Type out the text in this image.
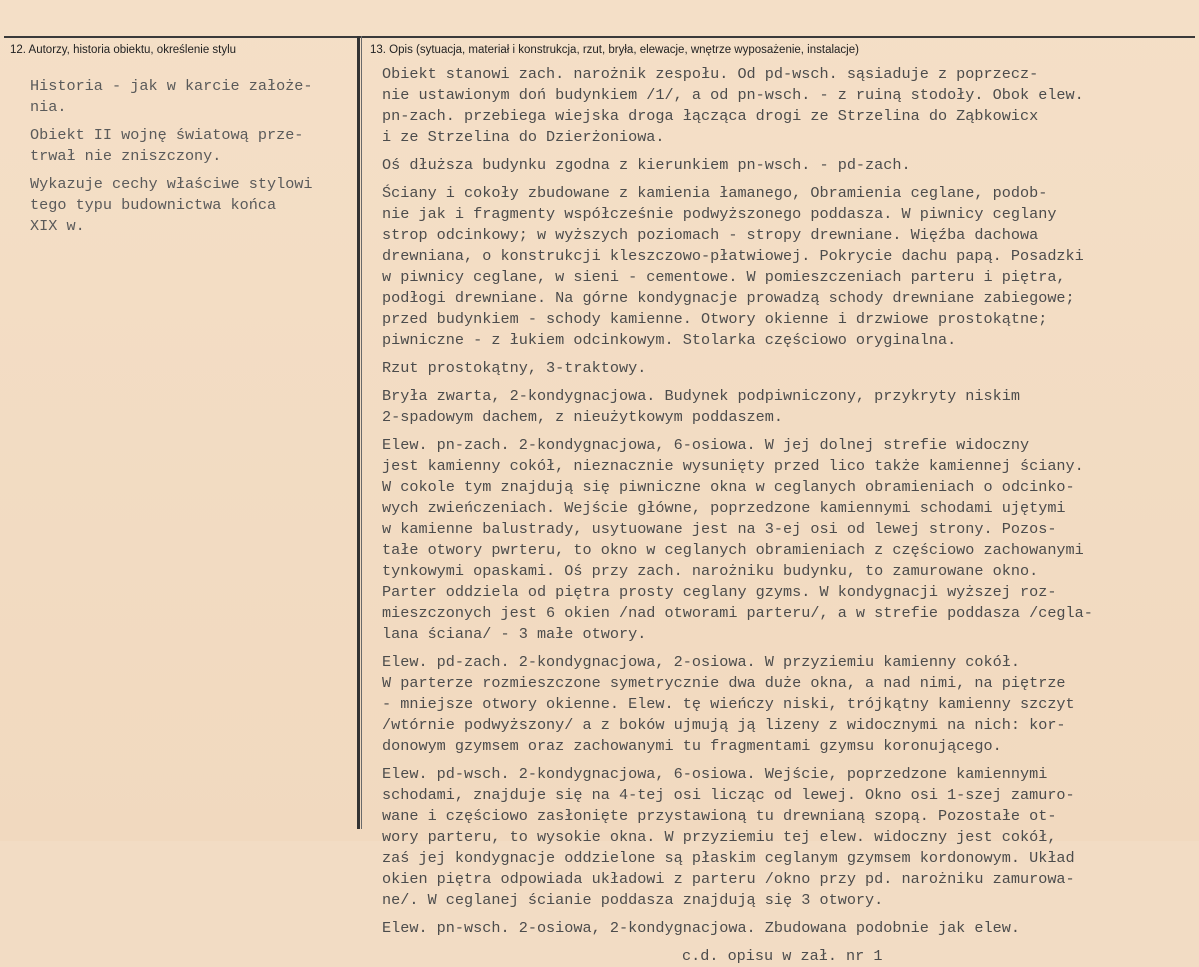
12. Autorzy, historia obiektu, określenie stylu	13. Opis (sytuacja, materiał i konstrukcja, rzut, bryła, elewacje, wnętrze wyposażenie, instalacje)

Historia - jak w karcie założe-
nia.

Obiekt II wojnę światową prze-
trwał nie zniszczony.

Wykazuje cechy właściwe stylowi
tego typu budownictwa końca
XIX w.

Obiekt stanowi zach. narożnik zespołu. Od pd-wsch. sąsiaduje z poprzecz-
nie ustawionym doń budynkiem /1/, a od pn-wsch. - z ruiną stodoły. Obok elew.
pn-zach. przebiega wiejska droga łącząca drogi ze Strzelina do Ząbkowicx
i ze Strzelina do Dzierżoniowa.
Oś dłuższa budynku zgodna z kierunkiem pn-wsch. - pd-zach.
Ściany i cokoły zbudowane z kamienia łamanego, Obramienia ceglane, podob-
nie jak i fragmenty współcześnie podwyższonego poddasza. W piwnicy ceglany
strop odcinkowy; w wyższych poziomach - stropy drewniane. Więźba dachowa
drewniana, o konstrukcji kleszczowo-płatwiowej. Pokrycie dachu papą. Posadzki
w piwnicy ceglane, w sieni - cementowe. W pomieszczeniach parteru i piętra,
podłogi drewniane. Na górne kondygnacje prowadzą schody drewniane zabiegowe;
przed budynkiem - schody kamienne. Otwory okienne i drzwiowe prostokątne;
piwniczne - z łukiem odcinkowym. Stolarka częściowo oryginalna.
Rzut prostokątny, 3-traktowy.
Bryła zwarta, 2-kondygnacjowa. Budynek podpiwniczony, przykryty niskim
2-spadowym dachem, z nieużytkowym poddaszem.
Elew. pn-zach. 2-kondygnacjowa, 6-osiowa. W jej dolnej strefie widoczny
jest kamienny cokół, nieznacznie wysunięty przed lico także kamiennej ściany.
W cokole tym znajdują się piwniczne okna w ceglanych obramieniach o odcinko-
wych zwieńczeniach. Wejście główne, poprzedzone kamiennymi schodami ujętymi
w kamienne balustrady, usytuowane jest na 3-ej osi od lewej strony. Pozos-
tałe otwory pwrteru, to okno w ceglanych obramieniach z częściowo zachowanymi
tynkowymi opaskami. Oś przy zach. narożniku budynku, to zamurowane okno.
Parter oddziela od piętra prosty ceglany gzyms. W kondygnacji wyższej roz-
mieszczonych jest 6 okien /nad otworami parteru/, a w strefie poddasza /cegla-
lana ściana/ - 3 małe otwory.
Elew. pd-zach. 2-kondygnacjowa, 2-osiowa. W przyziemiu kamienny cokół.
W parterze rozmieszczone symetrycznie dwa duże okna, a nad nimi, na piętrze
- mniejsze otwory okienne. Elew. tę wieńczy niski, trójkątny kamienny szczyt
/wtórnie podwyższony/ a z boków ujmują ją lizeny z widocznymi na nich: kor-
donowym gzymsem oraz zachowanymi tu fragmentami gzymsu koronującego.
Elew. pd-wsch. 2-kondygnacjowa, 6-osiowa. Wejście, poprzedzone kamiennymi
schodami, znajduje się na 4-tej osi licząc od lewej. Okno osi 1-szej zamuro-
wane i częściowo zasłonięte przystawioną tu drewnianą szopą. Pozostałe ot-
wory parteru, to wysokie okna. W przyziemiu tej elew. widoczny jest cokół,
zaś jej kondygnacje oddzielone są płaskim ceglanym gzymsem kordonowym. Układ
okien piętra odpowiada układowi z parteru /okno przy pd. narożniku zamurowa-
ne/. W ceglanej ścianie poddasza znajdują się 3 otwory.
Elew. pn-wsch. 2-osiowa, 2-kondygnacjowa. Zbudowana podobnie jak elew.
c.d. opisu w zał. nr 1
